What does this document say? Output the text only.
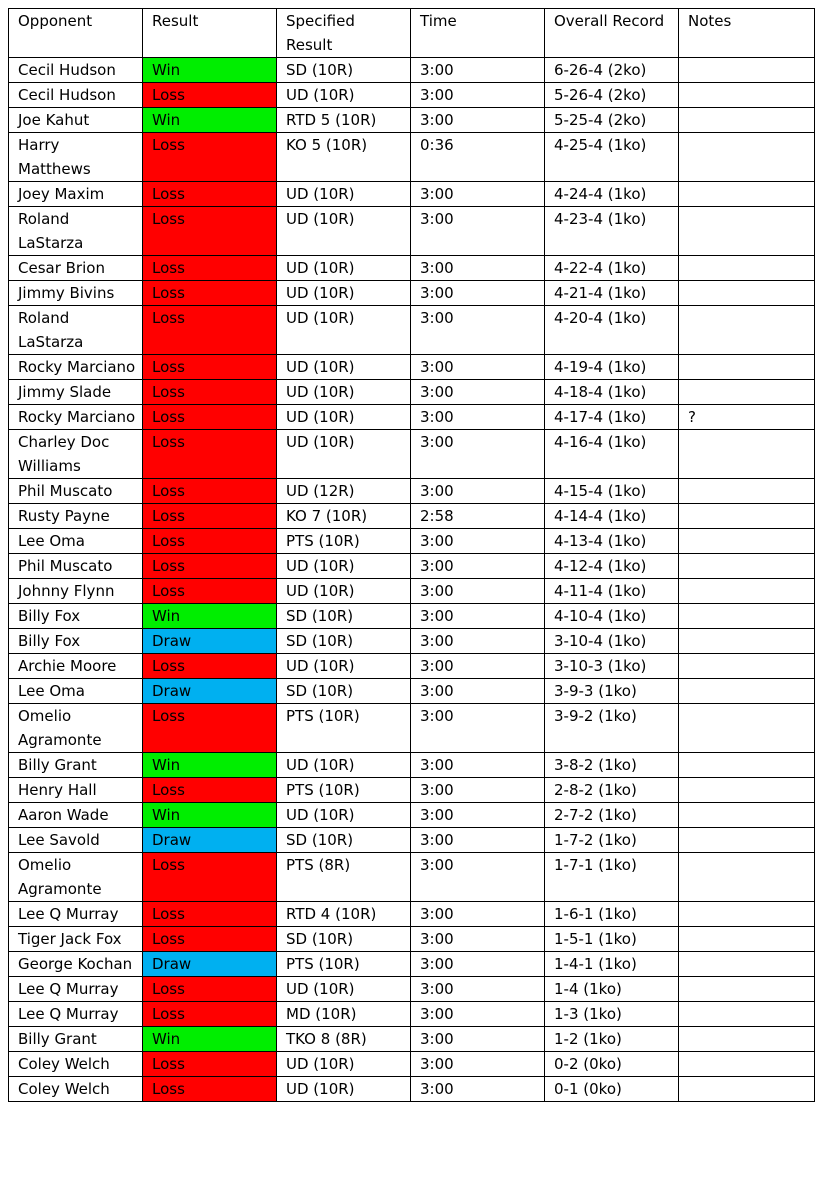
Opponent	Result	Specified Result	Time	Overall Record	Notes
Cecil Hudson	Win	SD (10R)	3:00	6-26-4 (2ko)	
Cecil Hudson	Loss	UD (10R)	3:00	5-26-4 (2ko)	
Joe Kahut	Win	RTD 5 (10R)	3:00	5-25-4 (2ko)	
Harry Matthews	Loss	KO 5 (10R)	0:36	4-25-4 (1ko)	
Joey Maxim	Loss	UD (10R)	3:00	4-24-4 (1ko)	
Roland LaStarza	Loss	UD (10R)	3:00	4-23-4 (1ko)	
Cesar Brion	Loss	UD (10R)	3:00	4-22-4 (1ko)	
Jimmy Bivins	Loss	UD (10R)	3:00	4-21-4 (1ko)	
Roland LaStarza	Loss	UD (10R)	3:00	4-20-4 (1ko)	
Rocky Marciano	Loss	UD (10R)	3:00	4-19-4 (1ko)	
Jimmy Slade	Loss	UD (10R)	3:00	4-18-4 (1ko)	
Rocky Marciano	Loss	UD (10R)	3:00	4-17-4 (1ko)	?
Charley Doc Williams	Loss	UD (10R)	3:00	4-16-4 (1ko)	
Phil Muscato	Loss	UD (12R)	3:00	4-15-4 (1ko)	
Rusty Payne	Loss	KO 7 (10R)	2:58	4-14-4 (1ko)	
Lee Oma	Loss	PTS (10R)	3:00	4-13-4 (1ko)	
Phil Muscato	Loss	UD (10R)	3:00	4-12-4 (1ko)	
Johnny Flynn	Loss	UD (10R)	3:00	4-11-4 (1ko)	
Billy Fox	Win	SD (10R)	3:00	4-10-4 (1ko)	
Billy Fox	Draw	SD (10R)	3:00	3-10-4 (1ko)	
Archie Moore	Loss	UD (10R)	3:00	3-10-3 (1ko)	
Lee Oma	Draw	SD (10R)	3:00	3-9-3 (1ko)	
Omelio Agramonte	Loss	PTS (10R)	3:00	3-9-2 (1ko)	
Billy Grant	Win	UD (10R)	3:00	3-8-2 (1ko)	
Henry Hall	Loss	PTS (10R)	3:00	2-8-2 (1ko)	
Aaron Wade	Win	UD (10R)	3:00	2-7-2 (1ko)	
Lee Savold	Draw	SD (10R)	3:00	1-7-2 (1ko)	
Omelio Agramonte	Loss	PTS (8R)	3:00	1-7-1 (1ko)	
Lee Q Murray	Loss	RTD 4 (10R)	3:00	1-6-1 (1ko)	
Tiger Jack Fox	Loss	SD (10R)	3:00	1-5-1 (1ko)	
George Kochan	Draw	PTS (10R)	3:00	1-4-1 (1ko)	
Lee Q Murray	Loss	UD (10R)	3:00	1-4 (1ko)	
Lee Q Murray	Loss	MD (10R)	3:00	1-3 (1ko)	
Billy Grant	Win	TKO 8 (8R)	3:00	1-2 (1ko)	
Coley Welch	Loss	UD (10R)	3:00	0-2 (0ko)	
Coley Welch	Loss	UD (10R)	3:00	0-1 (0ko)	
